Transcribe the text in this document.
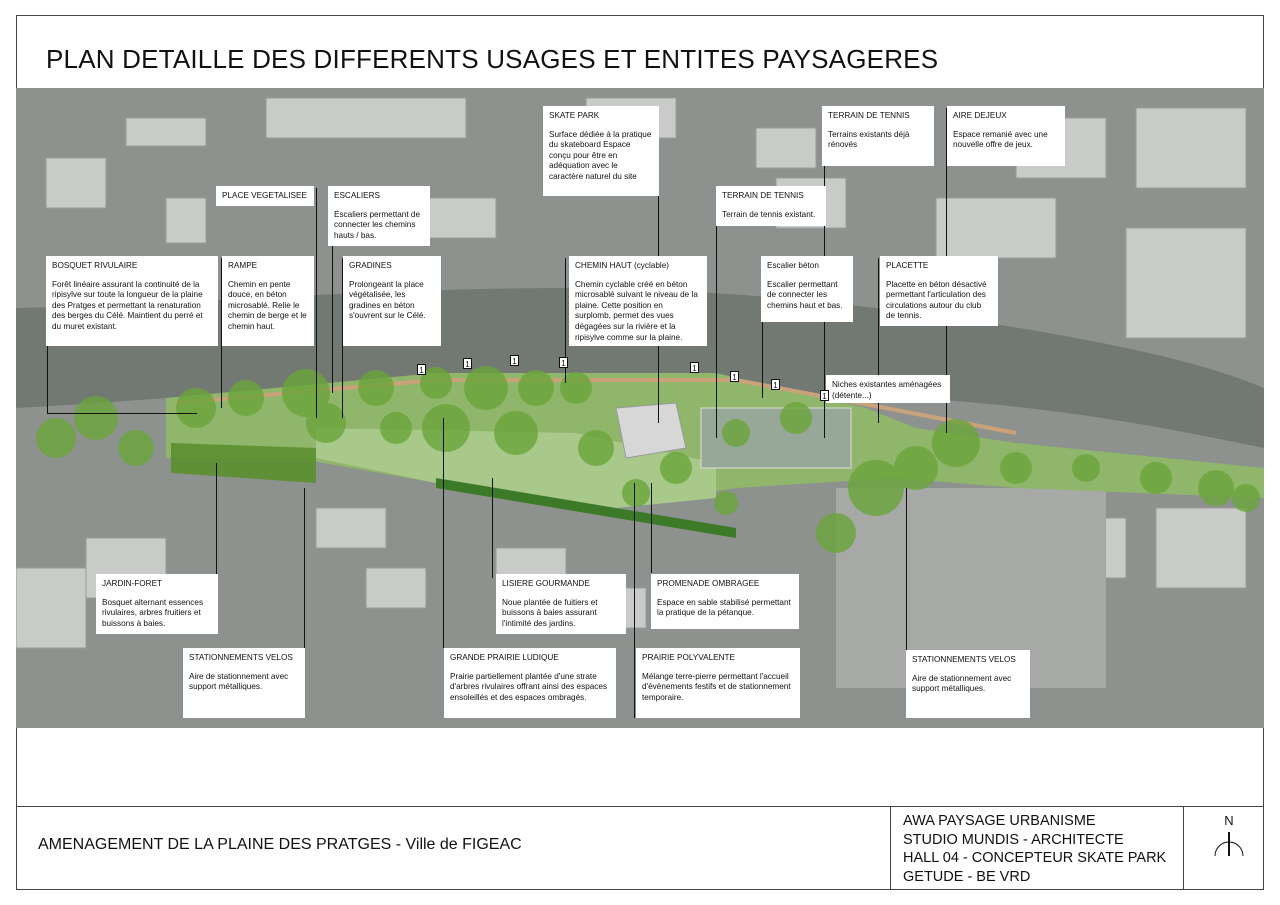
PLAN DETAILLE DES DIFFERENTS USAGES ET ENTITES PAYSAGERES
SKATE PARK
Surface dédiée à la pratique du skateboard Espace conçu pour être en adéquation avec le caractère naturel du site
TERRAIN DE TENNIS
Terrains existants déjà rénovés
AIRE DEJEUX
Espace remanié avec une nouvelle offre de jeux.
PLACE VEGETALISEE	ESCALIERS
Escaliers permettant de connecter les chemins hauts / bas.
TERRAIN DE TENNIS
Terrain de tennis existant.
BOSQUET RIVULAIRE
Forêt linéaire assurant la continuité de la ripisylve sur toute la longueur de la plaine des Pratges et permettant la renaturation des berges du Célé. Maintient du perré et du muret existant.
RAMPE
Chemin en pente douce, en béton microsablé. Relie le chemin de berge et le chemin haut.
GRADINES
Prolongeant la place végétalisée, les gradines en béton s'ouvrent sur le Célé.
CHEMIN HAUT (cyclable)
Chemin cyclable créé en béton microsablé suivant le niveau de la plaine. Cette position en surplomb, permet des vues dégagées sur la rivière et la ripisylve comme sur la plaine.
Escalier béton
Escalier permettant de connecter les chemins haut et bas.
PLACETTE
Placette en béton désactivé permettant l'articulation des circulations autour du club de tennis.
Niches existantes aménagées (détente...)
JARDIN-FORET
Bosquet alternant essences rivulaires, arbres fruitiers et buissons à baies.
LISIERE GOURMANDE
Noue plantée de fuitiers et buissons à baies assurant l'intimité des jardins.
PROMENADE OMBRAGEE
Espace en sable stabilisé permettant la pratique de la pétanque.
STATIONNEMENTS VELOS
Aire de stationnement avec support métalliques.
GRANDE PRAIRIE LUDIQUE
Prairie partiellement plantée d'une strate d'arbres rivulaires offrant ainsi des espaces ensoleillés et des espaces ombragés.
PRAIRIE POLYVALENTE
Mélange terre-pierre permettant l'accueil d'évènements festifs et de stationnement temporaire.
STATIONNEMENTS VELOS
Aire de stationnement avec support métalliques.
1
1	1	1
1
1
1
1
AMENAGEMENT DE LA PLAINE DES PRATGES - Ville de FIGEAC
AWA PAYSAGE URBANISME
STUDIO MUNDIS - ARCHITECTE
HALL 04 - CONCEPTEUR SKATE PARK
GETUDE - BE VRD
N
